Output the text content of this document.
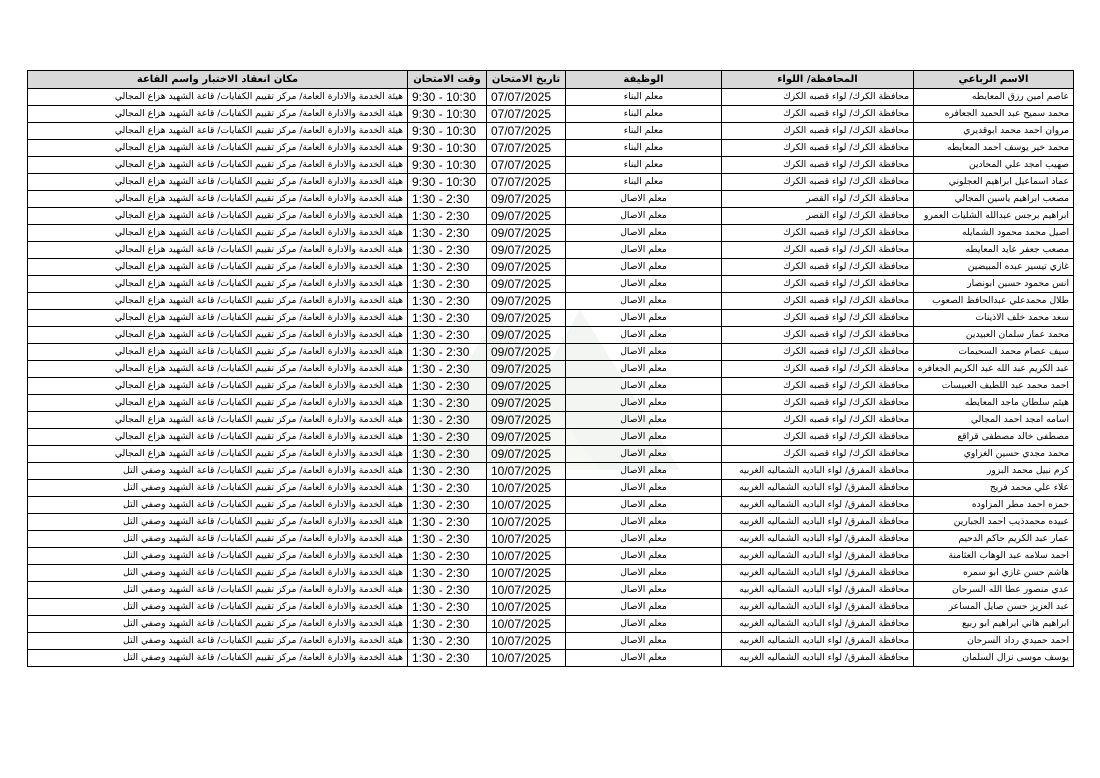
الاسم الرباعي	المحافظة/ اللواء	الوظيفة	تاريخ الامتحان	وقت الامتحان	مكان انعقاد الاختبار واسم القاعة
عاصم امين رزق المعايطه	محافظة الكرك/ لواء قصبه الكرك	معلم البناء	07/07/2025	9:30 - 10:30	هيئة الخدمة والادارة العامة/ مركز تقييم الكفايات/ قاعة الشهيد هزاع المجالي
محمد سميح عبد الحميد الجعافره	محافظة الكرك/ لواء قصبه الكرك	معلم البناء	07/07/2025	9:30 - 10:30	هيئة الخدمة والادارة العامة/ مركز تقييم الكفايات/ قاعة الشهيد هزاع المجالي
مروان احمد محمد ابوقديري	محافظة الكرك/ لواء قصبه الكرك	معلم البناء	07/07/2025	9:30 - 10:30	هيئة الخدمة والادارة العامة/ مركز تقييم الكفايات/ قاعة الشهيد هزاع المجالي
محمد خير يوسف احمد المعايطه	محافظة الكرك/ لواء قصبه الكرك	معلم البناء	07/07/2025	9:30 - 10:30	هيئة الخدمة والادارة العامة/ مركز تقييم الكفايات/ قاعة الشهيد هزاع المجالي
صهيب امجد علي المحادين	محافظة الكرك/ لواء قصبه الكرك	معلم البناء	07/07/2025	9:30 - 10:30	هيئة الخدمة والادارة العامة/ مركز تقييم الكفايات/ قاعة الشهيد هزاع المجالي
عماد اسماعيل ابراهيم العجلوني	محافظة الكرك/ لواء قصبه الكرك	معلم البناء	07/07/2025	9:30 - 10:30	هيئة الخدمة والادارة العامة/ مركز تقييم الكفايات/ قاعة الشهيد هزاع المجالي
مصعب ابراهيم ياسين المجالي	محافظة الكرك/ لواء القصر	معلم الاصال	09/07/2025	1:30 - 2:30	هيئة الخدمة والادارة العامة/ مركز تقييم الكفايات/ قاعة الشهيد هزاع المجالي
ابراهيم برجس عبدالله الشليات العمرو	محافظة الكرك/ لواء القصر	معلم الاصال	09/07/2025	1:30 - 2:30	هيئة الخدمة والادارة العامة/ مركز تقييم الكفايات/ قاعة الشهيد هزاع المجالي
اصيل محمد محمود الشمايله	محافظة الكرك/ لواء قصبه الكرك	معلم الاصال	09/07/2025	1:30 - 2:30	هيئة الخدمة والادارة العامة/ مركز تقييم الكفايات/ قاعة الشهيد هزاع المجالي
مصعب جعفر عايد المعايطه	محافظة الكرك/ لواء قصبه الكرك	معلم الاصال	09/07/2025	1:30 - 2:30	هيئة الخدمة والادارة العامة/ مركز تقييم الكفايات/ قاعة الشهيد هزاع المجالي
غازي تيسير عبده المبيضين	محافظة الكرك/ لواء قصبه الكرك	معلم الاصال	09/07/2025	1:30 - 2:30	هيئة الخدمة والادارة العامة/ مركز تقييم الكفايات/ قاعة الشهيد هزاع المجالي
انس محمود حسين ابونصار	محافظة الكرك/ لواء قصبه الكرك	معلم الاصال	09/07/2025	1:30 - 2:30	هيئة الخدمة والادارة العامة/ مركز تقييم الكفايات/ قاعة الشهيد هزاع المجالي
طلال محمدعلي عبدالحافظ الصعوب	محافظة الكرك/ لواء قصبه الكرك	معلم الاصال	09/07/2025	1:30 - 2:30	هيئة الخدمة والادارة العامة/ مركز تقييم الكفايات/ قاعة الشهيد هزاع المجالي
سعد محمد خلف الاذينات	محافظة الكرك/ لواء قصبه الكرك	معلم الاصال	09/07/2025	1:30 - 2:30	هيئة الخدمة والادارة العامة/ مركز تقييم الكفايات/ قاعة الشهيد هزاع المجالي
محمد عمار سلمان العبيدين	محافظة الكرك/ لواء قصبه الكرك	معلم الاصال	09/07/2025	1:30 - 2:30	هيئة الخدمة والادارة العامة/ مركز تقييم الكفايات/ قاعة الشهيد هزاع المجالي
سيف عصام محمد السحيمات	محافظة الكرك/ لواء قصبه الكرك	معلم الاصال	09/07/2025	1:30 - 2:30	هيئة الخدمة والادارة العامة/ مركز تقييم الكفايات/ قاعة الشهيد هزاع المجالي
عبد الكريم عبد الله عبد الكريم الجعافره	محافظة الكرك/ لواء قصبه الكرك	معلم الاصال	09/07/2025	1:30 - 2:30	هيئة الخدمة والادارة العامة/ مركز تقييم الكفايات/ قاعة الشهيد هزاع المجالي
احمد محمد عبد اللطيف العبيسات	محافظة الكرك/ لواء قصبه الكرك	معلم الاصال	09/07/2025	1:30 - 2:30	هيئة الخدمة والادارة العامة/ مركز تقييم الكفايات/ قاعة الشهيد هزاع المجالي
هيثم سلطان ماجد المعايطه	محافظة الكرك/ لواء قصبه الكرك	معلم الاصال	09/07/2025	1:30 - 2:30	هيئة الخدمة والادارة العامة/ مركز تقييم الكفايات/ قاعة الشهيد هزاع المجالي
اسامه امجد احمد المجالي	محافظة الكرك/ لواء قصبه الكرك	معلم الاصال	09/07/2025	1:30 - 2:30	هيئة الخدمة والادارة العامة/ مركز تقييم الكفايات/ قاعة الشهيد هزاع المجالي
مصطفى خالد مصطفى قراقع	محافظة الكرك/ لواء قصبه الكرك	معلم الاصال	09/07/2025	1:30 - 2:30	هيئة الخدمة والادارة العامة/ مركز تقييم الكفايات/ قاعة الشهيد هزاع المجالي
محمد مجدي حسين الغزاوي	محافظة الكرك/ لواء قصبه الكرك	معلم الاصال	09/07/2025	1:30 - 2:30	هيئة الخدمة والادارة العامة/ مركز تقييم الكفايات/ قاعة الشهيد هزاع المجالي
كرم نبيل محمد البزور	محافظة المفرق/ لواء الباديه الشماليه الغربيه	معلم الاصال	10/07/2025	1:30 - 2:30	هيئة الخدمة والادارة العامة/ مركز تقييم الكفايات/ قاعة الشهيد وصفي التل
علاء علي محمد فريج	محافظة المفرق/ لواء الباديه الشماليه الغربيه	معلم الاصال	10/07/2025	1:30 - 2:30	هيئة الخدمة والادارة العامة/ مركز تقييم الكفايات/ قاعة الشهيد وصفي التل
حمزه احمد مطر المزاوده	محافظة المفرق/ لواء الباديه الشماليه الغربيه	معلم الاصال	10/07/2025	1:30 - 2:30	هيئة الخدمة والادارة العامة/ مركز تقييم الكفايات/ قاعة الشهيد وصفي التل
عبيده محمدذيب احمد الجبارين	محافظة المفرق/ لواء الباديه الشماليه الغربيه	معلم الاصال	10/07/2025	1:30 - 2:30	هيئة الخدمة والادارة العامة/ مركز تقييم الكفايات/ قاعة الشهيد وصفي التل
عمار عبد الكريم حاكم الدحيم	محافظة المفرق/ لواء الباديه الشماليه الغربيه	معلم الاصال	10/07/2025	1:30 - 2:30	هيئة الخدمة والادارة العامة/ مركز تقييم الكفايات/ قاعة الشهيد وصفي التل
احمد سلامه عبد الوهاب العثامنة	محافظة المفرق/ لواء الباديه الشماليه الغربيه	معلم الاصال	10/07/2025	1:30 - 2:30	هيئة الخدمة والادارة العامة/ مركز تقييم الكفايات/ قاعة الشهيد وصفي التل
هاشم حسن غازي ابو سمره	محافظة المفرق/ لواء الباديه الشماليه الغربيه	معلم الاصال	10/07/2025	1:30 - 2:30	هيئة الخدمة والادارة العامة/ مركز تقييم الكفايات/ قاعة الشهيد وصفي التل
عدي منصور عطا الله السرحان	محافظة المفرق/ لواء الباديه الشماليه الغربيه	معلم الاصال	10/07/2025	1:30 - 2:30	هيئة الخدمة والادارة العامة/ مركز تقييم الكفايات/ قاعة الشهيد وصفي التل
عبد العزيز حسن صايل المساعر	محافظة المفرق/ لواء الباديه الشماليه الغربيه	معلم الاصال	10/07/2025	1:30 - 2:30	هيئة الخدمة والادارة العامة/ مركز تقييم الكفايات/ قاعة الشهيد وصفي التل
ابراهيم هاني ابراهيم ابو ربيع	محافظة المفرق/ لواء الباديه الشماليه الغربيه	معلم الاصال	10/07/2025	1:30 - 2:30	هيئة الخدمة والادارة العامة/ مركز تقييم الكفايات/ قاعة الشهيد وصفي التل
احمد حميدي رداد السرحان	محافظة المفرق/ لواء الباديه الشماليه الغربيه	معلم الاصال	10/07/2025	1:30 - 2:30	هيئة الخدمة والادارة العامة/ مركز تقييم الكفايات/ قاعة الشهيد وصفي التل
يوسف موسى نزال السلمان	محافظة المفرق/ لواء الباديه الشماليه الغربيه	معلم الاصال	10/07/2025	1:30 - 2:30	هيئة الخدمة والادارة العامة/ مركز تقييم الكفايات/ قاعة الشهيد وصفي التل
